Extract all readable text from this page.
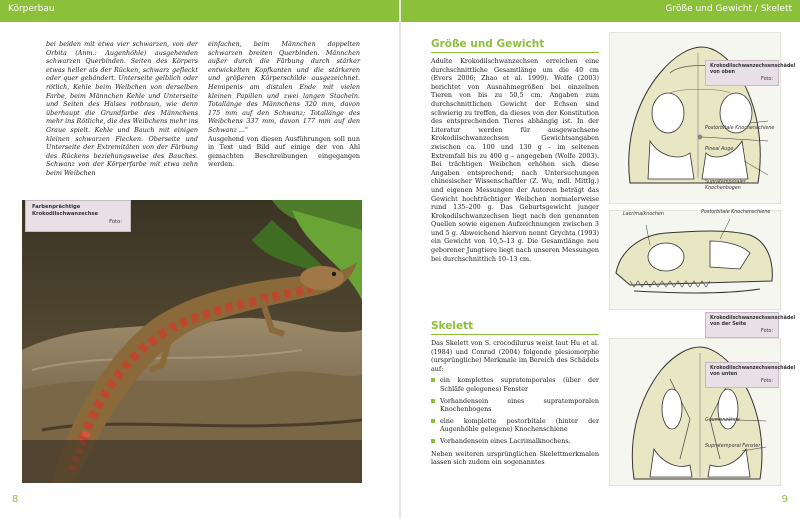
Körperbau

bei beiden mit etwa vier schwarzen, von der Orbita (Anm.: Augenhöhle) ausgehenden schwarzen Querbinden. Seiten des Körpers etwas heller als der Rücken, schwarz gefleckt oder quer gebändert. Unterseite gelblich oder rötlich, Kehle beim Weibchen von derselben Farbe, beim Männchen Kehle und Unterseite und Seiten des Halses rotbraun, wie denn überhaupt die Grundfarbe des Männchens mehr ins Rötliche, die des Weibchens mehr ins Graue spielt. Kehle und Bauch mit einigen kleinen schwarzen Flecken. Oberseite und Unterseite der Extremitäten von der Färbung des Rückens beziehungsweise des Bauches. Schwanz von der Körperfarbe mit etwa zehn beim Weibchen

einfachen, beim Männchen doppelten schwarzen breiten Querbinden. Männchen außer durch die Färbung durch stärker entwickelten Kopfkanten und die stärkeren und größeren Körperschilde ausgezeichnet. Hemipenis am distalen Ende mit vielen kleinen Papillen und zwei langen Stacheln. Totallänge des Männchens 320 mm, davon 175 mm auf den Schwanz; Totallänge des Weibchens 337 mm, davon 177 mm auf den Schwanz ..."

Ausgehend von diesen Ausführungen soll nun in Text und Bild auf einige der von Ahl gemachten Beschreibungen eingegangen werden.

Farbenprächtige Krokodilschwanzechse
Foto:
8
Größe und Gewicht / Skelett
Größe und Gewicht

Adulte Krokodilschwanzechsen erreichen eine durchschnittliche Gesamtlänge um die 40 cm (Evers 2006; Zhao et al. 1999). Wolfe (2003) berichtet von Ausnahmegrößen bei einzelnen Tieren von bis zu 50,5 cm. Angaben zum durchschnittlichen Gewicht der Echsen sind schwierig zu treffen, da dieses von der Konstitution des entsprechenden Tieres abhängig ist. In der Literatur werden für ausgewachsene Krokodilschwanzechsen Gewichtsangaben zwischen ca. 100 und 130 g – im seltenen Extremfall bis zu 400 g – angegeben (Wolfe 2003). Bei trächtigen Weibchen erhöhen sich diese Angaben entsprechend; nach Untersuchungen chinesischer Wissenschaftler (Z. Wu, mdl. Mittlg.) und eigenen Messungen der Autoren beträgt das Gewicht hochträchtiger Weibchen normalerweise rund 135–200 g. Das Geburtsgewicht junger Krokodilschwanzechsen liegt nach den genannten Quellen sowie eigenen Aufzeichnungen zwischen 3 und 5 g. Abweichend hiervon nennt Grychta (1993) ein Gewicht von 10,5–13 g. Die Gesamtlänge neu geborener Jungtiere liegt nach unseren Messungen bei durchschnittlich 10–13 cm.

Skelett

Das Skelett von S. crocodilurus weist laut Hu et al. (1984) und Conrad (2004) folgende plesiomorphe (ursprüngliche) Merkmale im Bereich des Schädels auf:

ein komplettes supratemporales (über der Schläfe gelegenes) Fenster
Vorhandensein eines supratemporalen Knochenbogens
eine komplette postorbitale (hinter der Augenhöhle gelegene) Knochenschiene
Vorhandensein eines Lacrimalknochens.

Neben weiteren ursprünglichen Skelettmerkmalen lassen sich zudem ein sogenanntes

Krokodilschwanzechsenschädel von oben
Foto:
Postorbitale Knochenschiene
Pineal Auge
Supratemporaler Knochenbogen
Lacrimalknochen	Postorbitale Knochenschiene
Krokodilschwanzechsenschädel von der Seite
Foto:
Krokodilschwanzechsenschädel von unten
Foto:
Gaumenzähne
Supratemporal Fenster
9
